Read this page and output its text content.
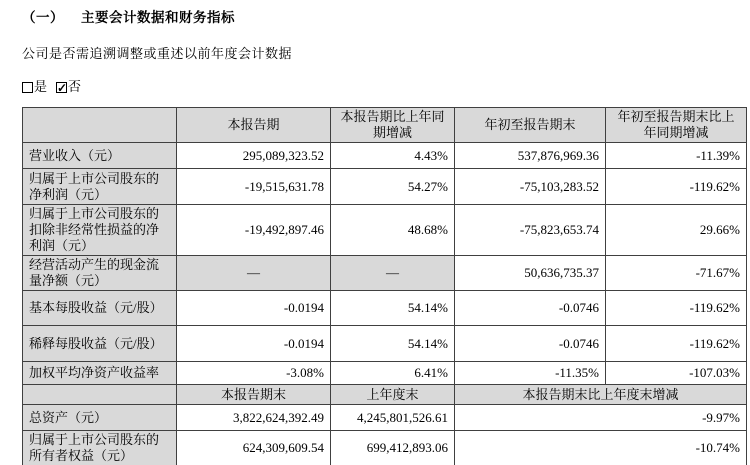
（一） 主要会计数据和财务指标
公司是否需追溯调整或重述以前年度会计数据
是 ✓ 否
	本报告期	本报告期比上年同期增减	年初至报告期末	年初至报告期末比上年同期增减
营业收入（元）	295,089,323.52	4.43%	537,876,969.36	-11.39%
归属于上市公司股东的净利润（元）	-19,515,631.78	54.27%	-75,103,283.52	-119.62%
归属于上市公司股东的扣除非经常性损益的净利润（元）	-19,492,897.46	48.68%	-75,823,653.74	29.66%
经营活动产生的现金流量净额（元）	—	—	50,636,735.37	-71.67%
基本每股收益（元/股）	-0.0194	54.14%	-0.0746	-119.62%
稀释每股收益（元/股）	-0.0194	54.14%	-0.0746	-119.62%
加权平均净资产收益率	-3.08%	6.41%	-11.35%	-107.03%
	本报告期末	上年度末	本报告期末比上年度末增减	
总资产（元）	3,822,624,392.49	4,245,801,526.61	-9.97%	
归属于上市公司股东的所有者权益（元）	624,309,609.54	699,412,893.06	-10.74%	
